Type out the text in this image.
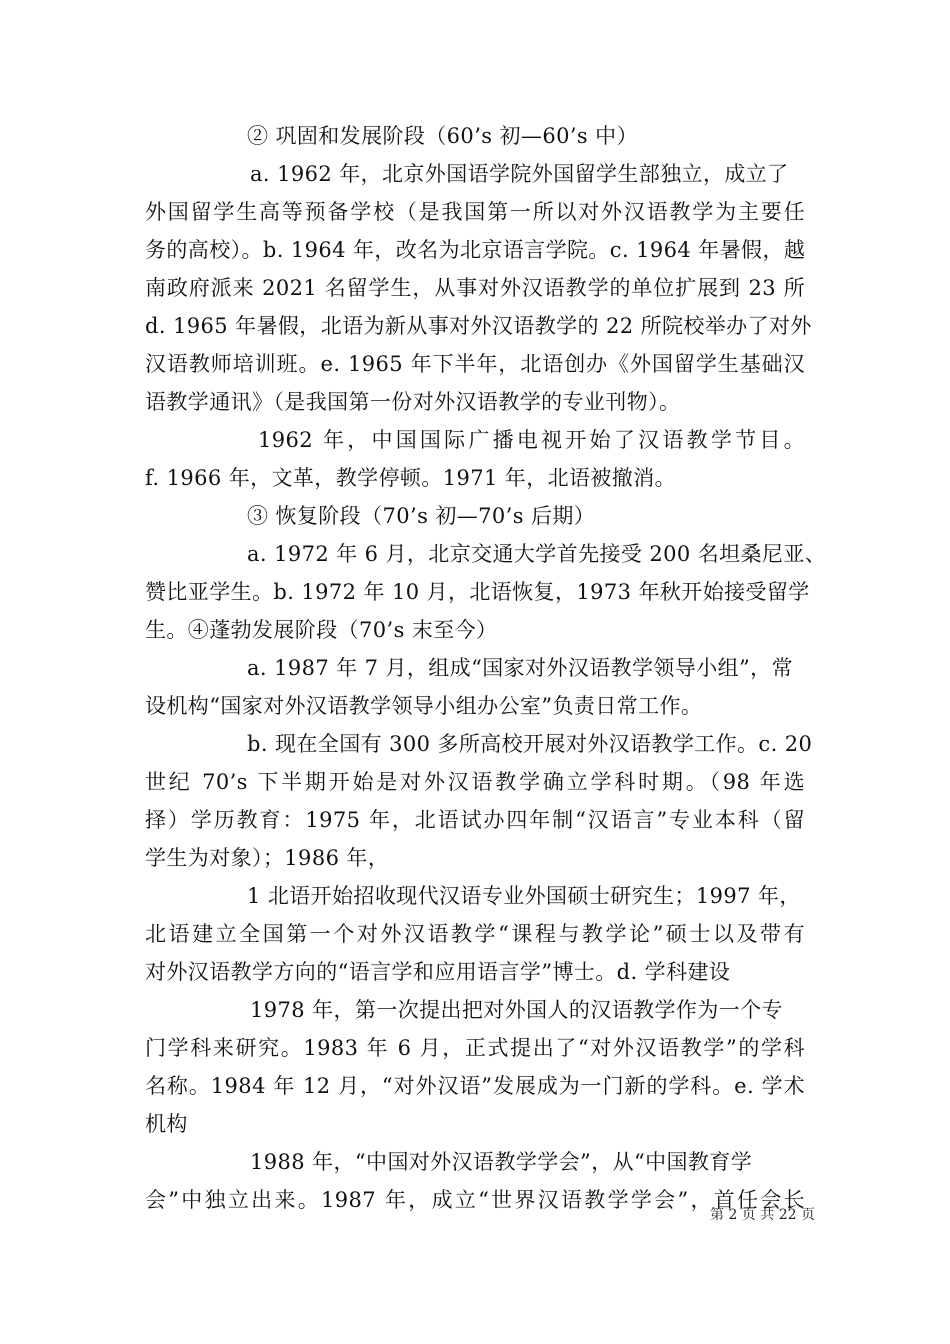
② 巩固和发展阶段（60’s 初—60’s 中）
a. 1962 年，北京外国语学院外国留学生部独立，成立了
外国留学生高等预备学校（是我国第一所以对外汉语教学为主要任
务的高校）。b. 1964 年，改名为北京语言学院。c. 1964 年暑假，越
南政府派来 2021 名留学生，从事对外汉语教学的单位扩展到 23 所
d. 1965 年暑假，北语为新从事对外汉语教学的 22 所院校举办了对外
汉语教师培训班。e. 1965 年下半年，北语创办《外国留学生基础汉
语教学通讯》（是我国第一份对外汉语教学的专业刊物）。
1962 年，中国国际广播电视开始了汉语教学节目。
f. 1966 年，文革，教学停顿。1971 年，北语被撤消。
③ 恢复阶段（70’s 初—70’s 后期）
a. 1972 年 6 月，北京交通大学首先接受 200 名坦桑尼亚、
赞比亚学生。b. 1972 年 10 月，北语恢复，1973 年秋开始接受留学
生。④蓬勃发展阶段（70’s 末至今）
a. 1987 年 7 月，组成“国家对外汉语教学领导小组”，常
设机构“国家对外汉语教学领导小组办公室”负责日常工作。
b. 现在全国有 300 多所高校开展对外汉语教学工作。c. 20
世纪 70’s 下半期开始是对外汉语教学确立学科时期。（98 年选
择）学历教育：1975 年，北语试办四年制“汉语言”专业本科（留
学生为对象）；1986 年，
1 北语开始招收现代汉语专业外国硕士研究生；1997 年，
北语建立全国第一个对外汉语教学“课程与教学论”硕士以及带有
对外汉语教学方向的“语言学和应用语言学”博士。d. 学科建设
1978 年，第一次提出把对外国人的汉语教学作为一个专
门学科来研究。1983 年 6 月，正式提出了“对外汉语教学”的学科
名称。1984 年 12 月，“对外汉语”发展成为一门新的学科。e. 学术
机构
1988 年，“中国对外汉语教学学会”，从“中国教育学
会”中独立出来。1987 年，成立“世界汉语教学学会”，首任会长
第 2 页 共 22 页
